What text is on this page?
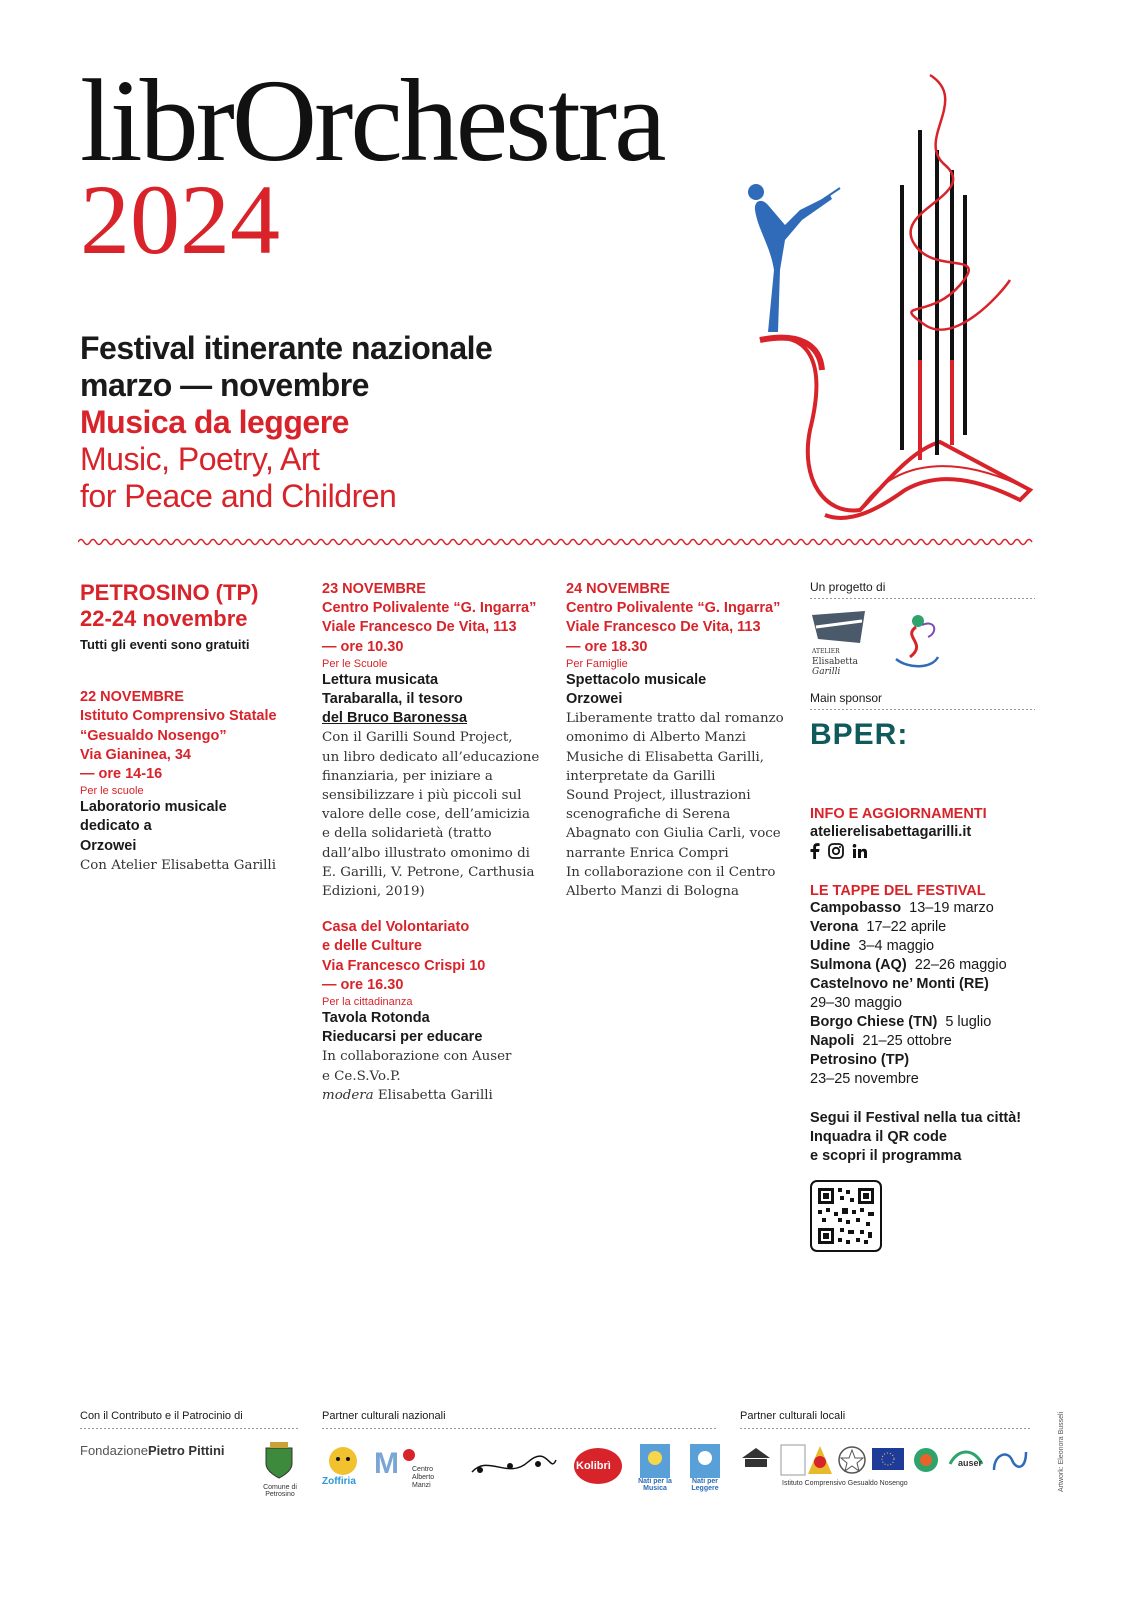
librOrchestra
2024
Festival itinerante nazionale
marzo — novembre
Musica da leggere
Music, Poetry, Art
for Peace and Children
PETROSINO (TP)
22-24 novembre
Tutti gli eventi sono gratuiti
22 NOVEMBRE
Istituto Comprensivo Statale
“Gesualdo Nosengo”
Via Gianinea, 34
— ore 14-16
Per le scuole
Laboratorio musicale
dedicato a
Orzowei
Con Atelier Elisabetta Garilli
23 NOVEMBRE
Centro Polivalente “G. Ingarra”
Viale Francesco De Vita, 113
— ore 10.30
Per le Scuole
Lettura musicata
Tarabaralla, il tesoro
del Bruco Baronessa
Con il Garilli Sound Project,
un libro dedicato all’educazione
finanziaria, per iniziare a
sensibilizzare i più piccoli sul
valore delle cose, dell’amicizia
e della solidarietà (tratto
dall’albo illustrato omonimo di
E. Garilli, V. Petrone, Carthusia
Edizioni, 2019)
Casa del Volontariato
e delle Culture
Via Francesco Crispi 10
— ore 16.30
Per la cittadinanza
Tavola Rotonda
Rieducarsi per educare
In collaborazione con Auser
e Ce.S.Vo.P.
modera Elisabetta Garilli
24 NOVEMBRE
Centro Polivalente “G. Ingarra”
Viale Francesco De Vita, 113
— ore 18.30
Per Famiglie
Spettacolo musicale
Orzowei
Liberamente tratto dal romanzo
omonimo di Alberto Manzi
Musiche di Elisabetta Garilli,
interpretate da Garilli
Sound Project, illustrazioni
scenografiche di Serena
Abagnato con Giulia Carli, voce
narrante Enrica Compri
In collaborazione con il Centro
Alberto Manzi di Bologna
Un progetto di
ATELIER
Elisabetta
Garilli
Main sponsor
BPER:
INFO E AGGIORNAMENTI
atelierelisabettagarilli.it
LE TAPPE DEL FESTIVAL
Campobasso 13–19 marzo
Verona 17–22 aprile
Udine 3–4 maggio
Sulmona (AQ) 22–26 maggio
Castelnovo ne’ Monti (RE)
29–30 maggio
Borgo Chiese (TN) 5 luglio
Napoli 21–25 ottobre
Petrosino (TP)
23–25 novembre
Segui il Festival nella tua città!
Inquadra il QR code
e scopri il programma
Con il Contributo e il Patrocinio di	Partner culturali nazionali	Partner culturali locali
FondazionePietro Pittini
Comune di Petrosino
Zoffiria
M Centro Alberto Manzi
Kolibrì
Nati per la Musica
Nati per Leggere
auser
Istituto Comprensivo Gesualdo Nosengo	Artwork: Eleonora Busseli
